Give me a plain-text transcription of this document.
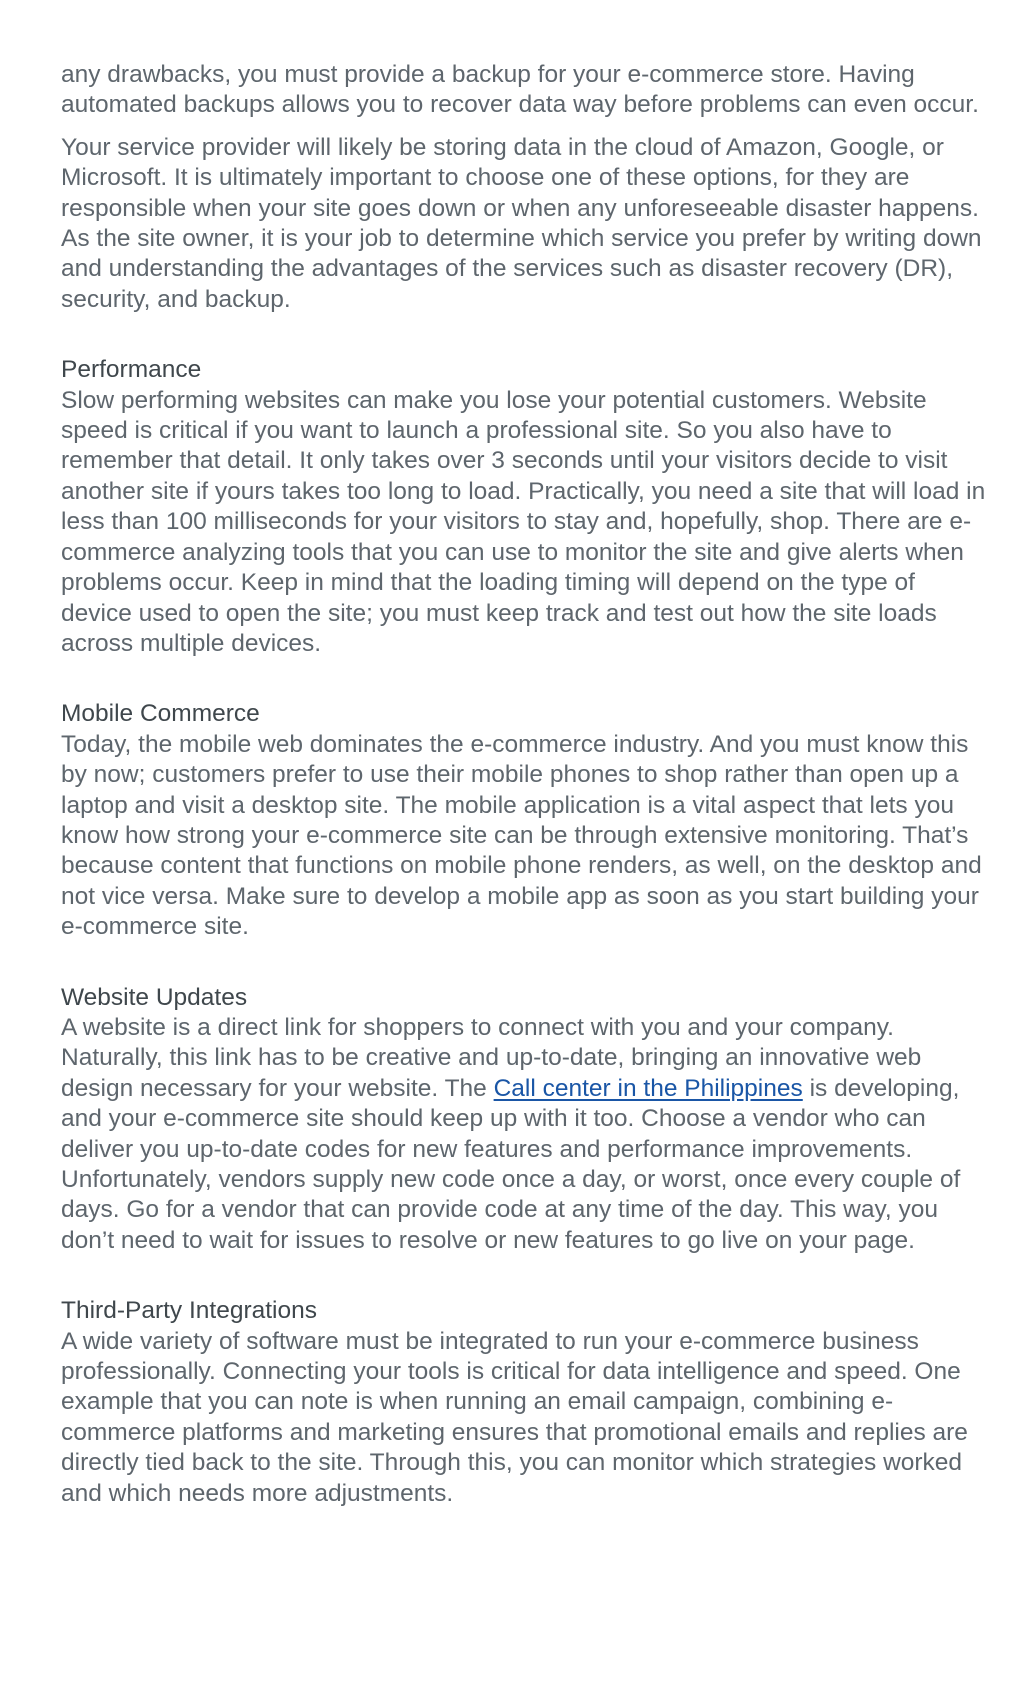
any drawbacks, you must provide a backup for your e-commerce store. Having automated backups allows you to recover data way before problems can even occur.

Your service provider will likely be storing data in the cloud of Amazon, Google, or Microsoft. It is ultimately important to choose one of these options, for they are responsible when your site goes down or when any unforeseeable disaster happens. As the site owner, it is your job to determine which service you prefer by writing down and understanding the advantages of the services such as disaster recovery (DR), security, and backup.

Performance

Slow performing websites can make you lose your potential customers. Website speed is critical if you want to launch a professional site. So you also have to remember that detail. It only takes over 3 seconds until your visitors decide to visit another site if yours takes too long to load. Practically, you need a site that will load in less than 100 milliseconds for your visitors to stay and, hopefully, shop. There are e-commerce analyzing tools that you can use to monitor the site and give alerts when problems occur. Keep in mind that the loading timing will depend on the type of device used to open the site; you must keep track and test out how the site loads across multiple devices.

Mobile Commerce

Today, the mobile web dominates the e-commerce industry. And you must know this by now; customers prefer to use their mobile phones to shop rather than open up a laptop and visit a desktop site. The mobile application is a vital aspect that lets you know how strong your e-commerce site can be through extensive monitoring. That’s because content that functions on mobile phone renders, as well, on the desktop and not vice versa. Make sure to develop a mobile app as soon as you start building your e-commerce site.

Website Updates

A website is a direct link for shoppers to connect with you and your company. Naturally, this link has to be creative and up-to-date, bringing an innovative web design necessary for your website. The Call center in the Philippines is developing, and your e-commerce site should keep up with it too. Choose a vendor who can deliver you up-to-date codes for new features and performance improvements. Unfortunately, vendors supply new code once a day, or worst, once every couple of days. Go for a vendor that can provide code at any time of the day. This way, you don’t need to wait for issues to resolve or new features to go live on your page.

Third-Party Integrations

A wide variety of software must be integrated to run your e-commerce business professionally. Connecting your tools is critical for data intelligence and speed. One example that you can note is when running an email campaign, combining e-commerce platforms and marketing ensures that promotional emails and replies are directly tied back to the site. Through this, you can monitor which strategies worked and which needs more adjustments.
